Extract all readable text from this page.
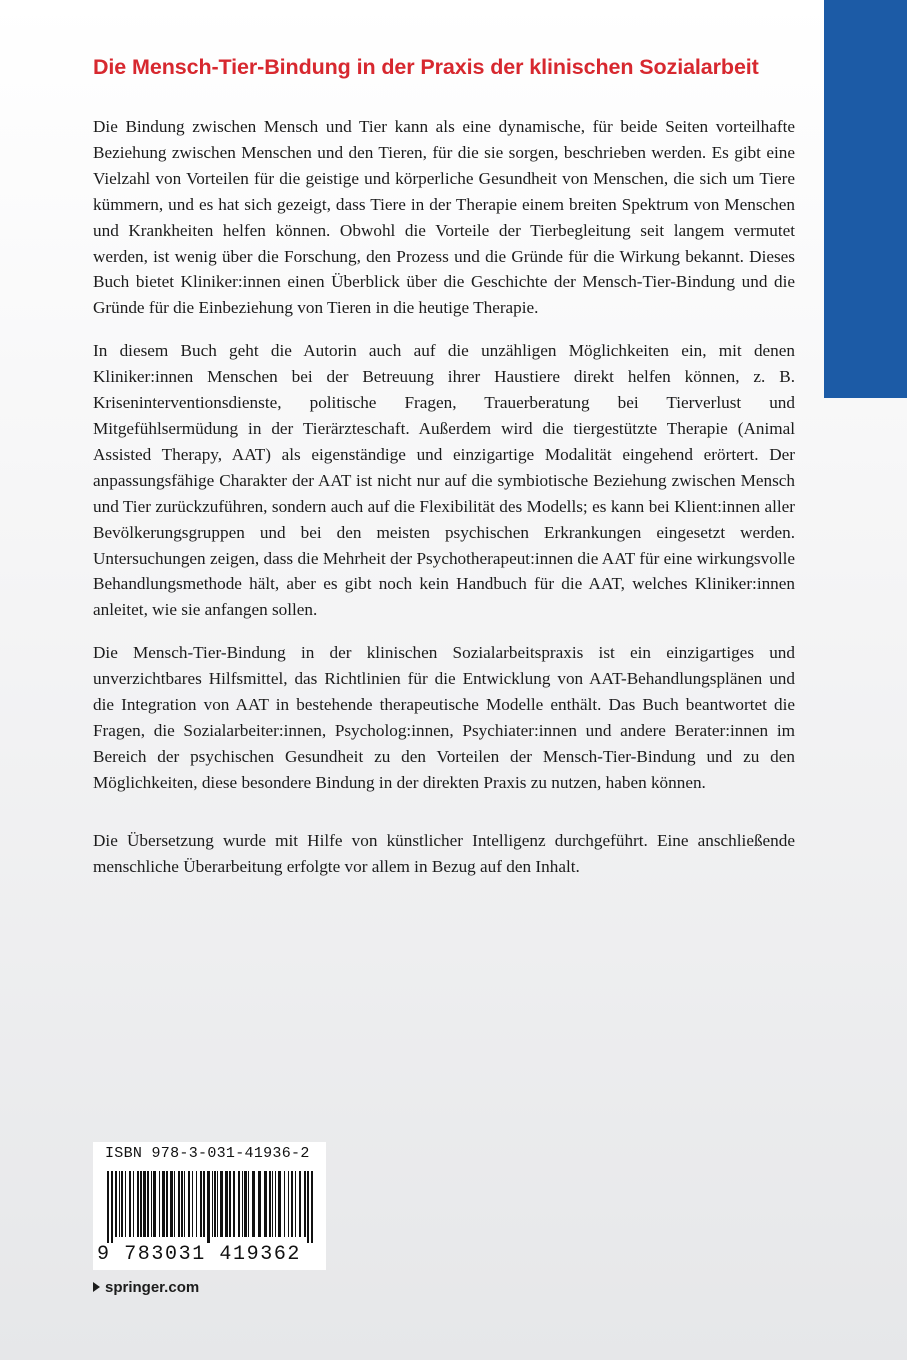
Die Mensch-Tier-Bindung in der Praxis der klinischen Sozialarbeit

Die Bindung zwischen Mensch und Tier kann als eine dynamische, für beide Seiten vorteilhafte Beziehung zwischen Menschen und den Tieren, für die sie sorgen, beschrieben werden. Es gibt eine Vielzahl von Vorteilen für die geistige und körperliche Gesundheit von Menschen, die sich um Tiere kümmern, und es hat sich gezeigt, dass Tiere in der Therapie einem breiten Spektrum von Menschen und Krankheiten helfen können. Obwohl die Vorteile der Tierbegleitung seit langem vermutet werden, ist wenig über die Forschung, den Prozess und die Gründe für die Wirkung bekannt. Dieses Buch bietet Kliniker:innen einen Überblick über die Geschichte der Mensch-Tier-Bindung und die Gründe für die Einbeziehung von Tieren in die heutige Therapie.

In diesem Buch geht die Autorin auch auf die unzähligen Möglichkeiten ein, mit denen Kliniker:innen Menschen bei der Betreuung ihrer Haustiere direkt helfen können, z. B. Kriseninterventionsdienste, politische Fragen, Trauerberatung bei Tierverlust und Mitgefühlsermüdung in der Tierärzteschaft. Außerdem wird die tiergestützte Therapie (Animal Assisted Therapy, AAT) als eigenständige und einzigartige Modalität eingehend erörtert. Der anpassungsfähige Charakter der AAT ist nicht nur auf die symbiotische Beziehung zwischen Mensch und Tier zurückzuführen, sondern auch auf die Flexibilität des Modells; es kann bei Klient:innen aller Bevölkerungsgruppen und bei den meisten psychischen Erkrankungen eingesetzt werden. Untersuchungen zeigen, dass die Mehrheit der Psychotherapeut:innen die AAT für eine wirkungsvolle Behandlungsmethode hält, aber es gibt noch kein Handbuch für die AAT, welches Kliniker:innen anleitet, wie sie anfangen sollen.

Die Mensch-Tier-Bindung in der klinischen Sozialarbeitspraxis ist ein einzigartiges und unverzichtbares Hilfsmittel, das Richtlinien für die Entwicklung von AAT-Behandlungsplänen und die Integration von AAT in bestehende therapeutische Modelle enthält. Das Buch beantwortet die Fragen, die Sozialarbeiter:innen, Psycholog:innen, Psychiater:innen und andere Berater:innen im Bereich der psychischen Gesundheit zu den Vorteilen der Mensch-Tier-Bindung und zu den Möglichkeiten, diese besondere Bindung in der direkten Praxis zu nutzen, haben können.

Die Übersetzung wurde mit Hilfe von künstlicher Intelligenz durchgeführt. Eine anschließende menschliche Überarbeitung erfolgte vor allem in Bezug auf den Inhalt.

ISBN 978-3-031-41936-2
9 783031 419362
springer.com
